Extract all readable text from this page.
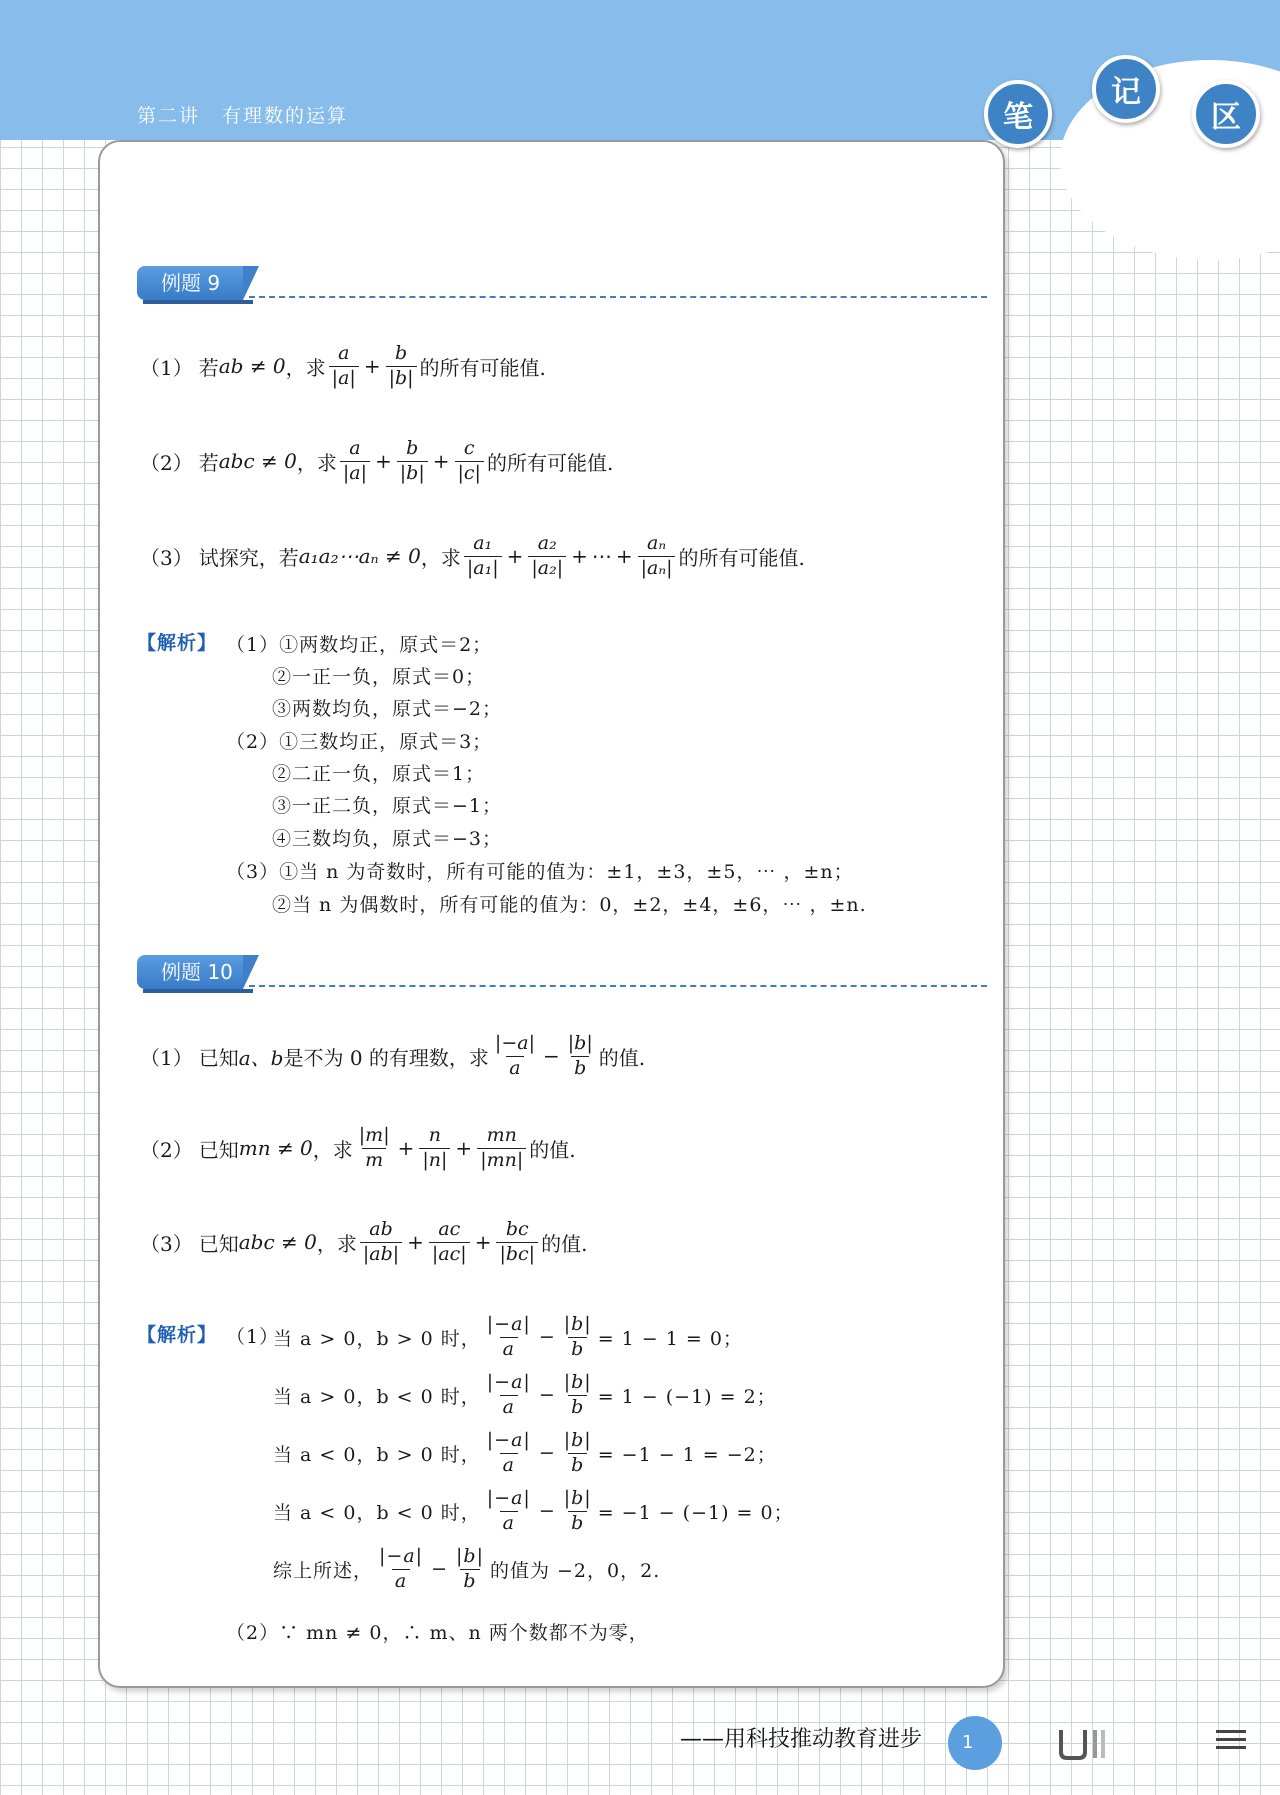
第二讲 有理数的运算	笔
记
区
例题 9
（1） 若 ab ≠ 0 ，求 $\frac{a}{|a|} + \frac{b}{|b|}$ 的所有可能值.
（2） 若 abc ≠ 0 ，求 $\frac{a}{|a|} + \frac{b}{|b|} + \frac{c}{|c|}$ 的所有可能值.
（3） 试探究，若 a₁a₂⋯aₙ ≠ 0 ，求 $\frac{\text{a₁}}{\text{|a₁|}} + \frac{\text{a₂}}{\text{|a₂|}}$ + ⋯ + $\frac{\text{aₙ}}{\text{|aₙ|}}$ 的所有可能值.
【解析】 （1）①两数均正，原式＝2；
②一正一负，原式＝0；
③两数均负，原式＝−2；
（2）①三数均正，原式＝3；
②二正一负，原式＝1；
③一正二负，原式＝−1；
④三数均负，原式＝−3；
（3）①当 n 为奇数时，所有可能的值为：±1，±3，±5，⋯ ，±n；
②当 n 为偶数时，所有可能的值为：0，±2，±4，±6，⋯ ，±n.
例题 10
（1） 已知 a、b 是不为 0 的有理数，求 $\frac{|-a|}{a} - \frac{|b|}{b}$ 的值.
（2） 已知 mn ≠ 0 ，求 $\frac{|m|}{m} + \frac{n}{|n|} + \frac{mn}{|mn|}$ 的值.
（3） 已知 abc ≠ 0 ，求 $\frac{ab}{|ab|} + \frac{ac}{|ac|} + \frac{bc}{|bc|}$ 的值.
【解析】 （1）
当 a > 0，b > 0 时， $\frac{|-a|}{a} - \frac{|b|}{b} = 1 - 1 = 0$；
当 a > 0，b < 0 时， $\frac{|-a|}{a} - \frac{|b|}{b} = 1 - (-1) = 2$；
当 a < 0，b > 0 时， $\frac{|-a|}{a} - \frac{|b|}{b} = -1 - 1 = -2$；
当 a < 0，b < 0 时， $\frac{|-a|}{a} - \frac{|b|}{b} = -1 - (-1) = 0$；
综上所述， $\frac{|-a|}{a} - \frac{|b|}{b}$ 的值为 −2，0，2.
（2）∵ mn ≠ 0，∴ m、n 两个数都不为零，
——用科技推动教育进步	1
